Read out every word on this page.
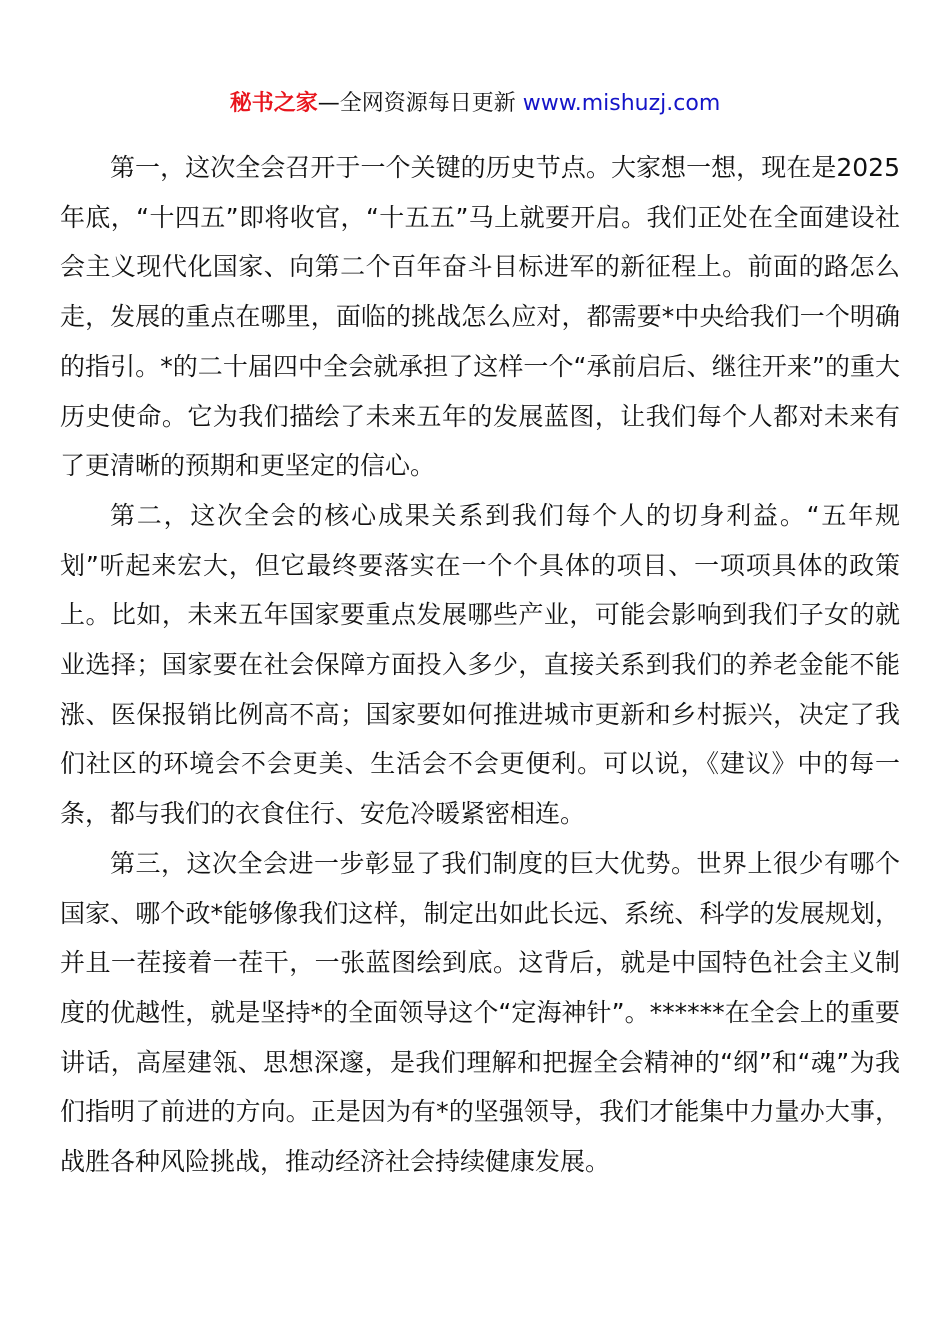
秘书之家—全网资源每日更新 www.mishuzj.com

第一，这次全会召开于一个关键的历史节点。大家想一想，现在是2025年底，“十四五”即将收官，“十五五”马上就要开启。我们正处在全面建设社会主义现代化国家、向第二个百年奋斗目标进军的新征程上。前面的路怎么走，发展的重点在哪里，面临的挑战怎么应对，都需要*中央给我们一个明确的指引。*的二十届四中全会就承担了这样一个“承前启后、继往开来”的重大历史使命。它为我们描绘了未来五年的发展蓝图，让我们每个人都对未来有了更清晰的预期和更坚定的信心。

第二，这次全会的核心成果关系到我们每个人的切身利益。“五年规划”听起来宏大，但它最终要落实在一个个具体的项目、一项项具体的政策上。比如，未来五年国家要重点发展哪些产业，可能会影响到我们子女的就业选择；国家要在社会保障方面投入多少，直接关系到我们的养老金能不能涨、医保报销比例高不高；国家要如何推进城市更新和乡村振兴，决定了我们社区的环境会不会更美、生活会不会更便利。可以说，《建议》中的每一条，都与我们的衣食住行、安危冷暖紧密相连。

第三，这次全会进一步彰显了我们制度的巨大优势。世界上很少有哪个国家、哪个政*能够像我们这样，制定出如此长远、系统、科学的发展规划，并且一茬接着一茬干，一张蓝图绘到底。这背后，就是中国特色社会主义制度的优越性，就是坚持*的全面领导这个“定海神针”。******在全会上的重要讲话，高屋建瓴、思想深邃，是我们理解和把握全会精神的“纲”和“魂”为我们指明了前进的方向。正是因为有*的坚强领导，我们才能集中力量办大事，战胜各种风险挑战，推动经济社会持续健康发展。
